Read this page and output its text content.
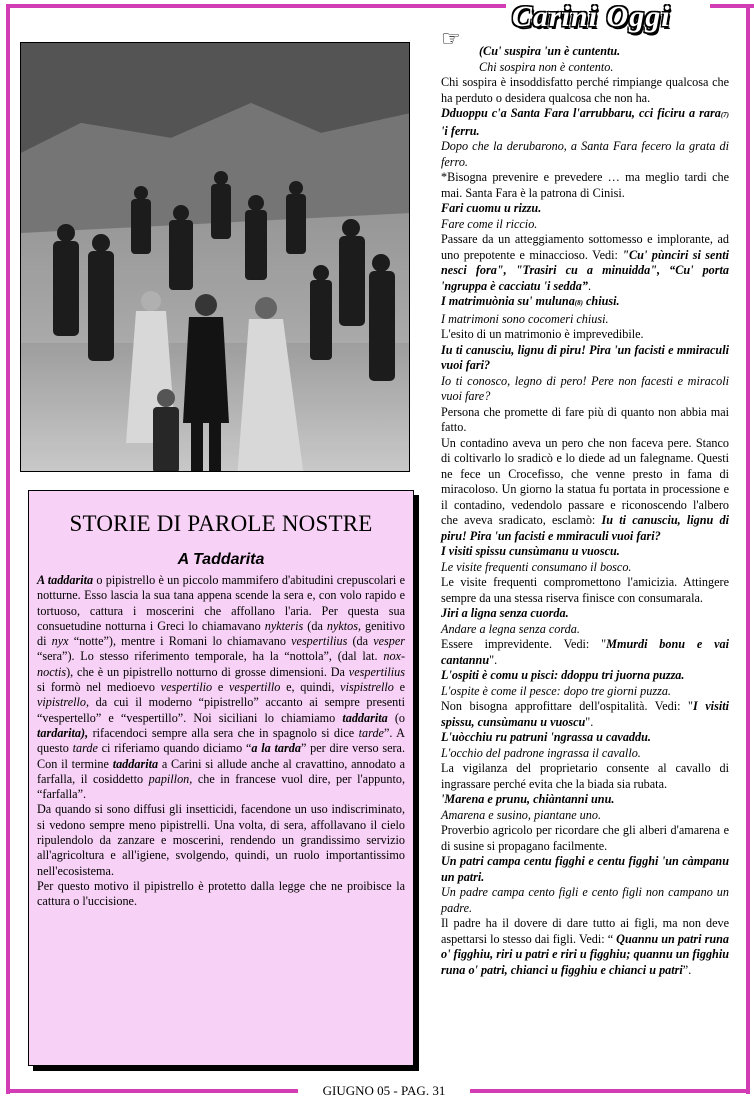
Carini Oggi
STORIE DI PAROLE NOSTRE
A Taddarita

A taddarita o pipistrello è un piccolo mammifero d'abitudini crepuscolari e notturne. Esso lascia la sua tana appena scende la sera e, con volo rapido e tortuoso, cattura i moscerini che affollano l'aria. Per questa sua consuetudine notturna i Greci lo chiamavano nykteris (da nyktos, genitivo di nyx “notte”), mentre i Romani lo chiamavano vespertilius (da vesper “sera”). Lo stesso riferimento temporale, ha la “nottola”, (dal lat. nox-noctis), che è un pipistrello notturno di grosse dimensioni. Da vespertilius si formò nel medioevo vespertilio e vespertillo e, quindi, vispistrello e vipistrello, da cui il moderno “pipistrello” accanto ai sempre presenti “vespertello” e “vespertillo”. Noi siciliani lo chiamiamo taddarita (o tardarita), rifacendoci sempre alla sera che in spagnolo si dice tarde”. A questo tarde ci riferiamo quando diciamo “a la tarda” per dire verso sera. Con il termine taddarita a Carini si allude anche al cravattino, annodato a farfalla, il cosiddetto papillon, che in francese vuol dire, per l'appunto, “farfalla”.

Da quando si sono diffusi gli insetticidi, facendone un uso indiscriminato, si vedono sempre meno pipistrelli. Una volta, di sera, affollavano il cielo ripulendolo da zanzare e moscerini, rendendo un grandissimo servizio all'agricoltura e all'igiene, svolgendo, quindi, un ruolo importantissimo nell'ecosistema.

Per questo motivo il pipistrello è protetto dalla legge che ne proibisce la cattura o l'uccisione.

☞	(Cu' suspira 'un è cuntentu.

Chi sospira non è contento.

Chi sospira è insoddisfatto perché rimpiange qualcosa che ha perduto o desidera qualcosa che non ha.

Dduoppu c'a Santa Fara l'arrubbaru, cci ficiru a rara(7) 'i ferru.

Dopo che la derubarono, a Santa Fara fecero la grata di ferro.

*Bisogna prevenire e prevedere … ma meglio tardi che mai. Santa Fara è la patrona di Cinisi.

Fari cuomu u rizzu.

Fare come il riccio.

Passare da un atteggiamento sottomesso e implorante, ad uno prepotente e minaccioso. Vedi: "Cu' pùnciri si senti nesci fora", "Trasiri cu a minuidda", “Cu' porta 'ngruppa è cacciatu 'i sedda”.

I matrimuònia su' muluna(8) chiusi.

I matrimoni sono cocomeri chiusi.

L'esito di un matrimonio è imprevedibile.

Iu ti canusciu, lignu di piru! Pira 'un facisti e mmiraculi vuoi fari?

Io ti conosco, legno di pero! Pere non facesti e miracoli vuoi fare?

Persona che promette di fare più di quanto non abbia mai fatto.

Un contadino aveva un pero che non faceva pere. Stanco di coltivarlo lo sradicò e lo diede ad un falegname. Questi ne fece un Crocefisso, che venne presto in fama di miracoloso. Un giorno la statua fu portata in processione e il contadino, vedendolo passare e riconoscendo l'albero che aveva sradicato, esclamò: Iu ti canusciu, lignu di piru! Pira 'un facisti e mmiraculi vuoi fari?

I visiti spissu cunsùmanu u vuoscu.

Le visite frequenti consumano il bosco.

Le visite frequenti compromettono l'amicizia. Attingere sempre da una stessa riserva finisce con consumarala.

Jiri a ligna senza cuorda.

Andare a legna senza corda.

Essere imprevidente. Vedi: "Mmurdi bonu e vai cantannu".

L'ospiti è comu u pisci: ddoppu tri juorna puzza.

L'ospite è come il pesce: dopo tre giorni puzza.

Non bisogna approfittare dell'ospitalità. Vedi: "I visiti spissu, cunsùmanu u vuoscu".

L'uòcchiu ru patruni 'ngrassa u cavaddu.

L'occhio del padrone ingrassa il cavallo.

La vigilanza del proprietario consente al cavallo di ingrassare perché evita che la biada sia rubata.

'Marena e prunu, chiàntanni unu.

Amarena e susino, piantane uno.

Proverbio agricolo per ricordare che gli alberi d'amarena e di susine si propagano facilmente.

Un patri campa centu figghi e centu figghi 'un càmpanu un patri.

Un padre campa cento figli e cento figli non campano un padre.

Il padre ha il dovere di dare tutto ai figli, ma non deve aspettarsi lo stesso dai figli. Vedi: “ Quannu un patri runa o' figghiu, riri u patri e riri u figghiu; quannu un figghiu runa o' patri, chianci u figghiu e chianci u patri”.

GIUGNO 05 - PAG. 31
